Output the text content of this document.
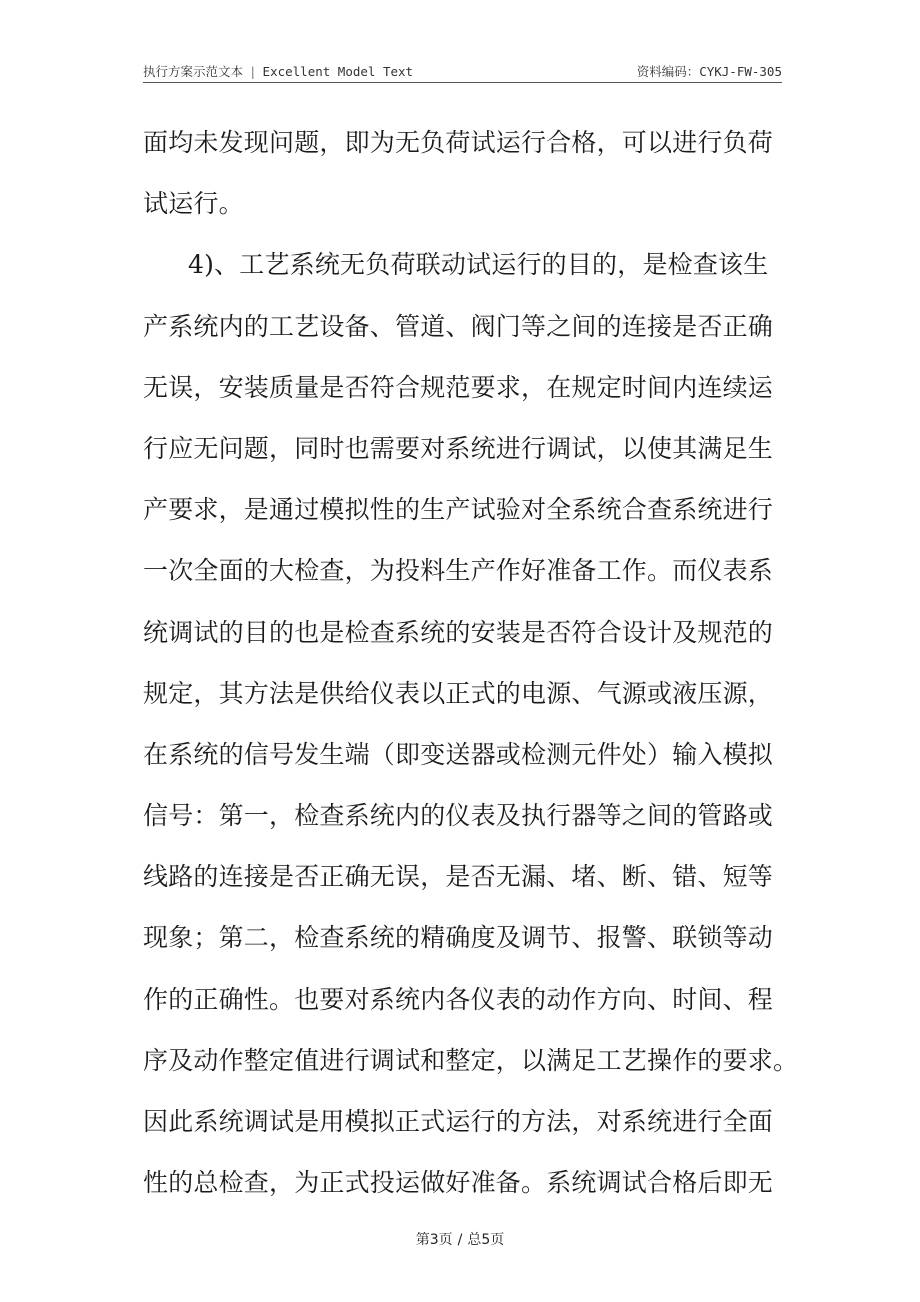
执行方案示范文本 | Excellent Model Text	资料编码：CYKJ-FW-305
面均未发现问题，即为无负荷试运行合格，可以进行负荷
试运行。
4)、工艺系统无负荷联动试运行的目的，是检查该生
产系统内的工艺设备、管道、阀门等之间的连接是否正确
无误，安装质量是否符合规范要求，在规定时间内连续运
行应无问题，同时也需要对系统进行调试，以使其满足生
产要求，是通过模拟性的生产试验对全系统合查系统进行
一次全面的大检查，为投料生产作好准备工作。而仪表系
统调试的目的也是检查系统的安装是否符合设计及规范的
规定，其方法是供给仪表以正式的电源、气源或液压源，
在系统的信号发生端（即变送器或检测元件处）输入模拟
信号：第一，检查系统内的仪表及执行器等之间的管路或
线路的连接是否正确无误，是否无漏、堵、断、错、短等
现象；第二，检查系统的精确度及调节、报警、联锁等动
作的正确性。也要对系统内各仪表的动作方向、时间、程
序及动作整定值进行调试和整定，以满足工艺操作的要求。
因此系统调试是用模拟正式运行的方法，对系统进行全面
性的总检查，为正式投运做好准备。系统调试合格后即无
第3页 / 总5页
